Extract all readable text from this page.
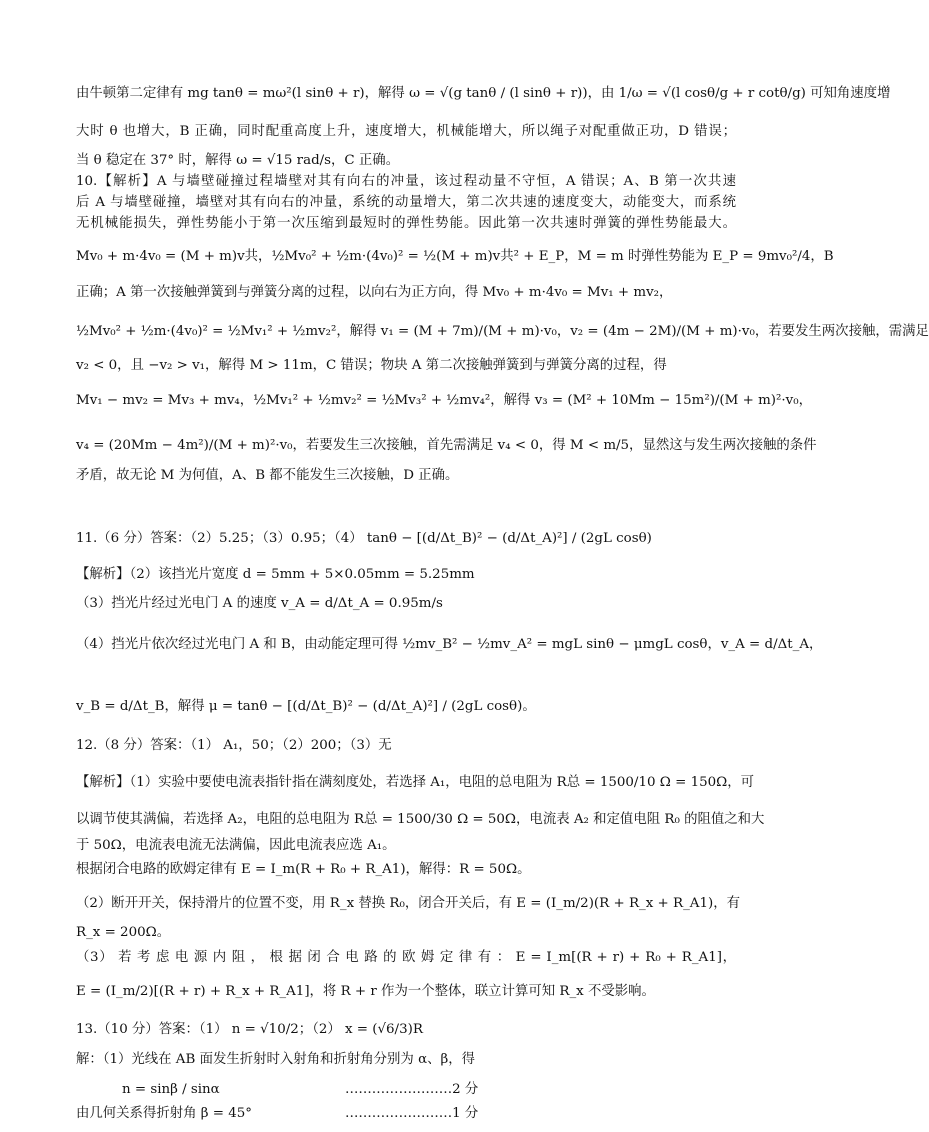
由牛顿第二定律有 mg tanθ = mω²(l sinθ + r)，解得 ω = √(g tanθ / (l sinθ + r))，由 1/ω = √(l cosθ/g + r cotθ/g) 可知角速度增
大时 θ 也增大，B 正确，同时配重高度上升，速度增大，机械能增大，所以绳子对配重做正功，D 错误；
当 θ 稳定在 37° 时，解得 ω = √15 rad/s，C 正确。
10.【解析】A 与墙壁碰撞过程墙壁对其有向右的冲量，该过程动量不守恒，A 错误；A、B 第一次共速
后 A 与墙壁碰撞，墙壁对其有向右的冲量，系统的动量增大，第二次共速的速度变大，动能变大，而系统
无机械能损失，弹性势能小于第一次压缩到最短时的弹性势能。因此第一次共速时弹簧的弹性势能最大。
Mv₀ + m·4v₀ = (M + m)v共，½Mv₀² + ½m·(4v₀)² = ½(M + m)v共² + E_P，M = m 时弹性势能为 E_P = 9mv₀²/4，B
正确；A 第一次接触弹簧到与弹簧分离的过程，以向右为正方向，得 Mv₀ + m·4v₀ = Mv₁ + mv₂，
½Mv₀² + ½m·(4v₀)² = ½Mv₁² + ½mv₂²，解得 v₁ = (M + 7m)/(M + m)·v₀，v₂ = (4m − 2M)/(M + m)·v₀，若要发生两次接触，需满足
v₂ < 0，且 −v₂ > v₁，解得 M > 11m，C 错误；物块 A 第二次接触弹簧到与弹簧分离的过程，得
Mv₁ − mv₂ = Mv₃ + mv₄，½Mv₁² + ½mv₂² = ½Mv₃² + ½mv₄²，解得 v₃ = (M² + 10Mm − 15m²)/(M + m)²·v₀，
v₄ = (20Mm − 4m²)/(M + m)²·v₀，若要发生三次接触，首先需满足 v₄ < 0，得 M < m/5，显然这与发生两次接触的条件
矛盾，故无论 M 为何值，A、B 都不能发生三次接触，D 正确。
11.（6 分）答案：（2）5.25；（3）0.95；（4） tanθ − [(d/Δt_B)² − (d/Δt_A)²] / (2gL cosθ)
【解析】（2）该挡光片宽度 d = 5mm + 5×0.05mm = 5.25mm
（3）挡光片经过光电门 A 的速度 v_A = d/Δt_A = 0.95m/s
（4）挡光片依次经过光电门 A 和 B，由动能定理可得 ½mv_B² − ½mv_A² = mgL sinθ − μmgL cosθ，v_A = d/Δt_A，
v_B = d/Δt_B，解得 μ = tanθ − [(d/Δt_B)² − (d/Δt_A)²] / (2gL cosθ)。
12.（8 分）答案：（1） A₁，50；（2）200；（3）无
【解析】（1）实验中要使电流表指针指在满刻度处，若选择 A₁，电阻的总电阻为 R总 = 1500/10 Ω = 150Ω，可
以调节使其满偏，若选择 A₂，电阻的总电阻为 R总 = 1500/30 Ω = 50Ω，电流表 A₂ 和定值电阻 R₀ 的阻值之和大
于 50Ω，电流表电流无法满偏，因此电流表应选 A₁。
根据闭合电路的欧姆定律有 E = I_m(R + R₀ + R_A1)，解得：R = 50Ω。
（2）断开开关，保持滑片的位置不变，用 R_x 替换 R₀，闭合开关后，有 E = (I_m/2)(R + R_x + R_A1)，有
R_x = 200Ω。
（3） 若 考 虑 电 源 内 阻 ， 根 据 闭 合 电 路 的 欧 姆 定 律 有 ： E = I_m[(R + r) + R₀ + R_A1]，
E = (I_m/2)[(R + r) + R_x + R_A1]，将 R + r 作为一个整体，联立计算可知 R_x 不受影响。
13.（10 分）答案：（1） n = √10/2；（2） x = (√6/3)R
解：（1）光线在 AB 面发生折射时入射角和折射角分别为 α、β，得
n = sinβ / sinα	……………………2 分
由几何关系得折射角 β = 45°	……………………1 分
